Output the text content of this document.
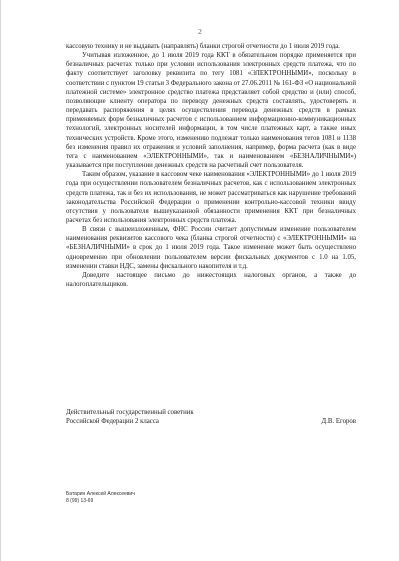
2

кассовую технику и не выдавать (направлять) бланки строгой отчетности до 1 июля 2019 года.

Учитывая изложенное, до 1 июля 2019 года ККТ в обязательном порядке применяется при безналичных расчетах только при условии использования электронных средств платежа, что по факту соответствует заголовку реквизита по тегу 1081 «ЭЛЕКТРОННЫМИ», поскольку в соответствии с пунктом 19 статьи 3 Федерального закона от 27.06.2011 № 161-ФЗ «О национальной платежной системе» электронное средство платежа представляет собой средство и (или) способ, позволяющие клиенту оператора по переводу денежных средств составлять, удостоверять и передавать распоряжения в целях осуществления перевода денежных средств в рамках применяемых форм безналичных расчетов с использованием информационно-коммуникационных технологий, электронных носителей информации, в том числе платежных карт, а также иных технических устройств. Кроме этого, изменению подлежат только наименования тегов 1081 и 1138 без изменения правил их отражения и условий заполнения, например, форма расчета (как в виде тега с наименованием «ЭЛЕКТРОННЫМИ», так и наименованием «БЕЗНАЛИЧНЫМИ») указывается при поступлении денежных средств на расчетный счет пользователя.

Таким образом, указание в кассовом чеке наименования «ЭЛЕКТРОННЫМИ» до 1 июля 2019 года при осуществлении пользователем безналичных расчетов, как с использованием электронных средств платежа, так и без их использования, не может рассматриваться как нарушение требований законодательства Российской Федерации о применении контрольно-кассовой техники ввиду отсутствия у пользователя вышеуказанной обязанности применения ККТ при безналичных расчетах без использования электронных средств платежа.

В связи с вышеизложенным, ФНС России считает допустимым изменение пользователем наименования реквизитов кассового чека (бланка строгой отчетности) с «ЭЛЕКТРОННЫМИ» на «БЕЗНАЛИЧНЫМИ» в срок до 1 июля 2019 года. Такое изменение может быть осуществлено одновременно при обновлении пользователем версии фискальных документов с 1.0 на 1.05, изменении ставки НДС, замены фискального накопителя и т.д.

Доведите настоящее письмо до нижестоящих налоговых органов, а также до налогоплательщиков.

Действительный государственный советник
Российской Федерации 2 класса	Д.В. Егоров
Батарин Алексей Алексеевич
8 (99) 13-69
